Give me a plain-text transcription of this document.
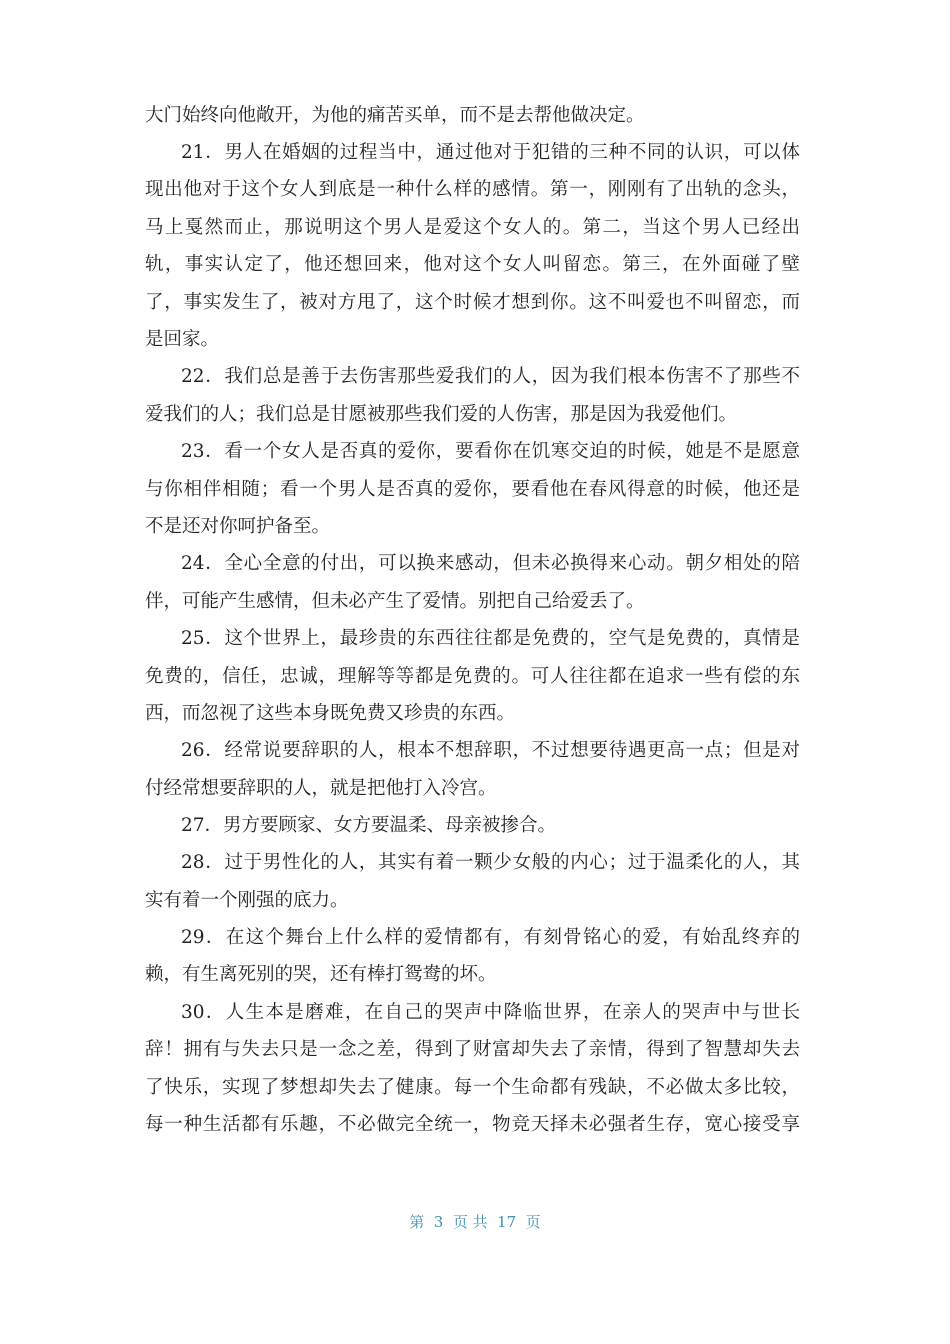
大门始终向他敞开，为他的痛苦买单，而不是去帮他做决定。
21．男人在婚姻的过程当中，通过他对于犯错的三种不同的认识，可以体
现出他对于这个女人到底是一种什么样的感情。第一，刚刚有了出轨的念头，
马上戛然而止，那说明这个男人是爱这个女人的。第二，当这个男人已经出
轨，事实认定了，他还想回来，他对这个女人叫留恋。第三，在外面碰了壁
了，事实发生了，被对方甩了，这个时候才想到你。这不叫爱也不叫留恋，而
是回家。
22．我们总是善于去伤害那些爱我们的人，因为我们根本伤害不了那些不
爱我们的人；我们总是甘愿被那些我们爱的人伤害，那是因为我爱他们。
23．看一个女人是否真的爱你，要看你在饥寒交迫的时候，她是不是愿意
与你相伴相随；看一个男人是否真的爱你，要看他在春风得意的时候，他还是
不是还对你呵护备至。
24．全心全意的付出，可以换来感动，但未必换得来心动。朝夕相处的陪
伴，可能产生感情，但未必产生了爱情。别把自己给爱丢了。
25．这个世界上，最珍贵的东西往往都是免费的，空气是免费的，真情是
免费的，信任，忠诚，理解等等都是免费的。可人往往都在追求一些有偿的东
西，而忽视了这些本身既免费又珍贵的东西。
26．经常说要辞职的人，根本不想辞职，不过想要待遇更高一点；但是对
付经常想要辞职的人，就是把他打入冷宫。
27．男方要顾家、女方要温柔、母亲被掺合。
28．过于男性化的人，其实有着一颗少女般的内心；过于温柔化的人，其
实有着一个刚强的底力。
29．在这个舞台上什么样的爱情都有，有刻骨铭心的爱，有始乱终弃的
赖，有生离死别的哭，还有棒打鸳鸯的坏。
30．人生本是磨难，在自己的哭声中降临世界，在亲人的哭声中与世长
辞！拥有与失去只是一念之差，得到了财富却失去了亲情，得到了智慧却失去
了快乐，实现了梦想却失去了健康。每一个生命都有残缺，不必做太多比较，
每一种生活都有乐趣，不必做完全统一，物竞天择未必强者生存，宽心接受享
第  3  页 共  17  页
